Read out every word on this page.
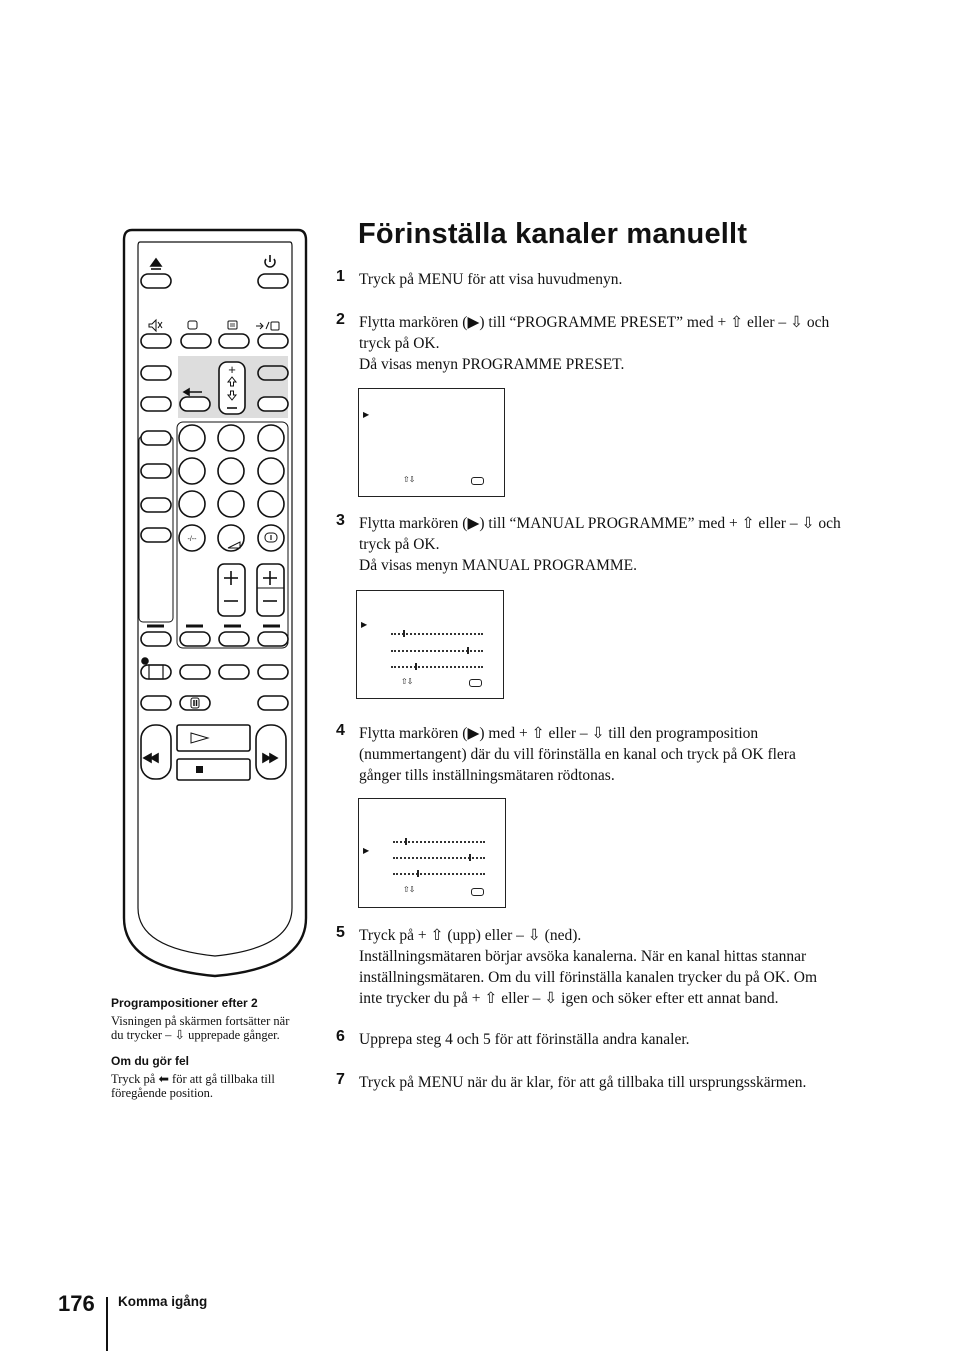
Förinställa kanaler manuellt
1 Tryck på MENU för att visa huvudmenyn.
2 Flytta markören (▶) till “PROGRAMME PRESET” med + ⇧ eller – ⇩ och
tryck på OK.
Då visas menyn PROGRAMME PRESET.
▶
⇧⇩
3 Flytta markören (▶) till “MANUAL PROGRAMME” med + ⇧ eller – ⇩ och
tryck på OK.
Då visas menyn MANUAL PROGRAMME.
▶
⇧⇩
4 Flytta markören (▶) med + ⇧ eller – ⇩ till den programposition
(nummertangent) där du vill förinställa en kanal och tryck på OK flera
gånger tills inställningsmätaren rödtonas.
▶
⇧⇩
5 Tryck på + ⇧ (upp) eller – ⇩ (ned).
Inställningsmätaren börjar avsöka kanalerna. När en kanal hittas stannar
inställningsmätaren. Om du vill förinställa kanalen trycker du på OK. Om
inte trycker du på + ⇧ eller – ⇩ igen och söker efter ett annat band.
6 Upprepa steg 4 och 5 för att förinställa andra kanaler.
7 Tryck på MENU när du är klar, för att gå tillbaka till ursprungsskärmen.

Programpositioner efter 2

Visningen på skärmen fortsätter när
du trycker – ⇩ upprepade gånger.

Om du gör fel

Tryck på ⬅ för att gå tillbaka till
föregående position.
176 Komma igång
+
-/--
